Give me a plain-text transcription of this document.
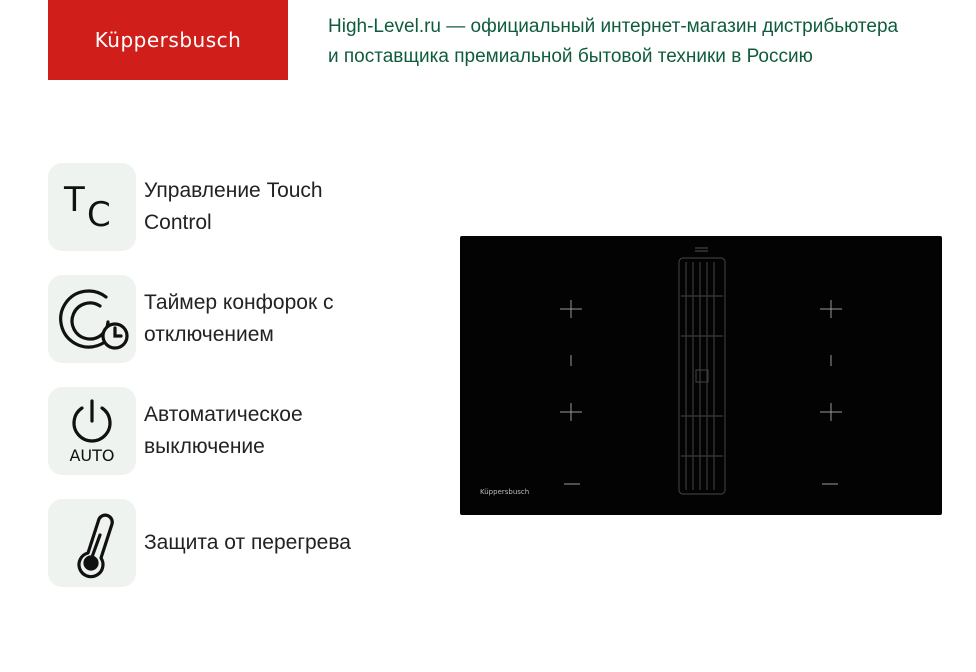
Küppersbusch
High-Level.ru — официальный интернет-магазин дистрибьютера
и поставщика премиальной бытовой техники в Россию
T C
Управление Touch
Control
Таймер конфорок с
отключением
AUTO
Автоматическое
выключение
Защита от перегрева
Küppersbusch
